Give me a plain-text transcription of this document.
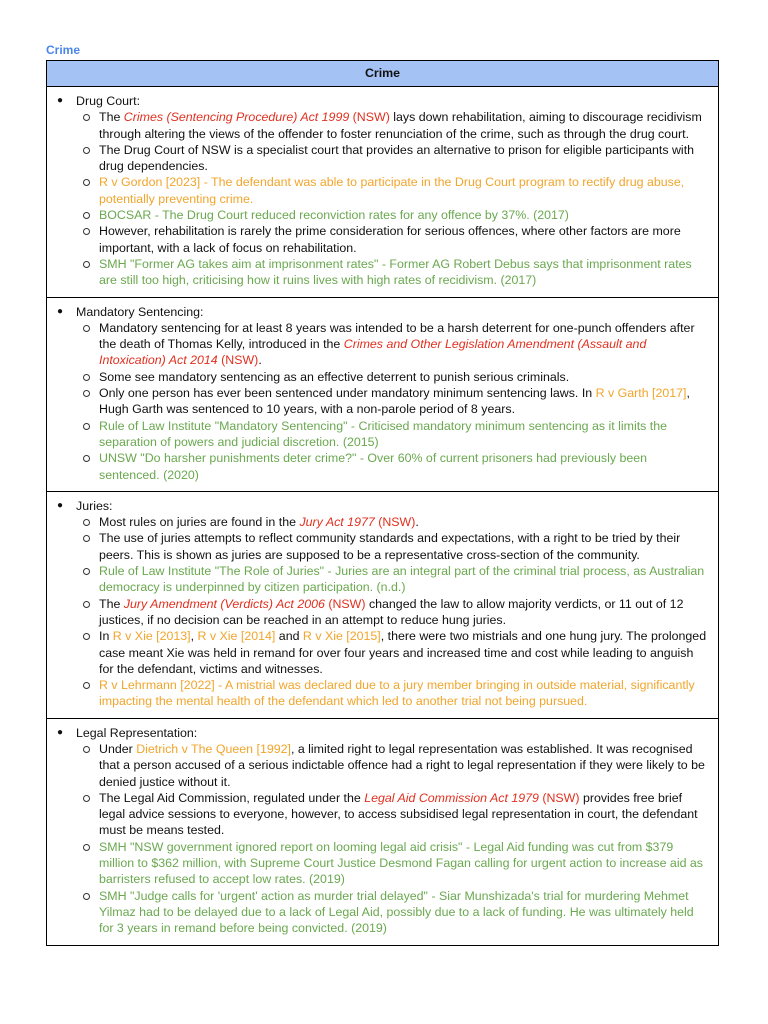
Crime
Crime

● Drug Court:
The Crimes (Sentencing Procedure) Act 1999 (NSW) lays down rehabilitation, aiming to discourage recidivism through altering the views of the offender to foster renunciation of the crime, such as through the drug court.
The Drug Court of NSW is a specialist court that provides an alternative to prison for eligible participants with drug dependencies.
R v Gordon [2023] - The defendant was able to participate in the Drug Court program to rectify drug abuse, potentially preventing crime.
BOCSAR - The Drug Court reduced reconviction rates for any offence by 37%. (2017)
However, rehabilitation is rarely the prime consideration for serious offences, where other factors are more important, with a lack of focus on rehabilitation.
SMH "Former AG takes aim at imprisonment rates" - Former AG Robert Debus says that imprisonment rates are still too high, criticising how it ruins lives with high rates of recidivism. (2017)

● Mandatory Sentencing:
Mandatory sentencing for at least 8 years was intended to be a harsh deterrent for one-punch offenders after the death of Thomas Kelly, introduced in the Crimes and Other Legislation Amendment (Assault and Intoxication) Act 2014 (NSW).
Some see mandatory sentencing as an effective deterrent to punish serious criminals.
Only one person has ever been sentenced under mandatory minimum sentencing laws. In R v Garth [2017], Hugh Garth was sentenced to 10 years, with a non-parole period of 8 years.
Rule of Law Institute "Mandatory Sentencing" - Criticised mandatory minimum sentencing as it limits the separation of powers and judicial discretion. (2015)
UNSW "Do harsher punishments deter crime?" - Over 60% of current prisoners had previously been sentenced. (2020)

● Juries:
Most rules on juries are found in the Jury Act 1977 (NSW).
The use of juries attempts to reflect community standards and expectations, with a right to be tried by their peers. This is shown as juries are supposed to be a representative cross-section of the community.
Rule of Law Institute "The Role of Juries" - Juries are an integral part of the criminal trial process, as Australian democracy is underpinned by citizen participation. (n.d.)
The Jury Amendment (Verdicts) Act 2006 (NSW) changed the law to allow majority verdicts, or 11 out of 12 justices, if no decision can be reached in an attempt to reduce hung juries.
In R v Xie [2013], R v Xie [2014] and R v Xie [2015], there were two mistrials and one hung jury. The prolonged case meant Xie was held in remand for over four years and increased time and cost while leading to anguish for the defendant, victims and witnesses.
R v Lehrmann [2022] - A mistrial was declared due to a jury member bringing in outside material, significantly impacting the mental health of the defendant which led to another trial not being pursued.

● Legal Representation:
Under Dietrich v The Queen [1992], a limited right to legal representation was established. It was recognised that a person accused of a serious indictable offence had a right to legal representation if they were likely to be denied justice without it.
The Legal Aid Commission, regulated under the Legal Aid Commission Act 1979 (NSW) provides free brief legal advice sessions to everyone, however, to access subsidised legal representation in court, the defendant must be means tested.
SMH "NSW government ignored report on looming legal aid crisis" - Legal Aid funding was cut from $379 million to $362 million, with Supreme Court Justice Desmond Fagan calling for urgent action to increase aid as barristers refused to accept low rates. (2019)
SMH "Judge calls for 'urgent' action as murder trial delayed" - Siar Munshizada's trial for murdering Mehmet Yilmaz had to be delayed due to a lack of Legal Aid, possibly due to a lack of funding. He was ultimately held for 3 years in remand before being convicted. (2019)
